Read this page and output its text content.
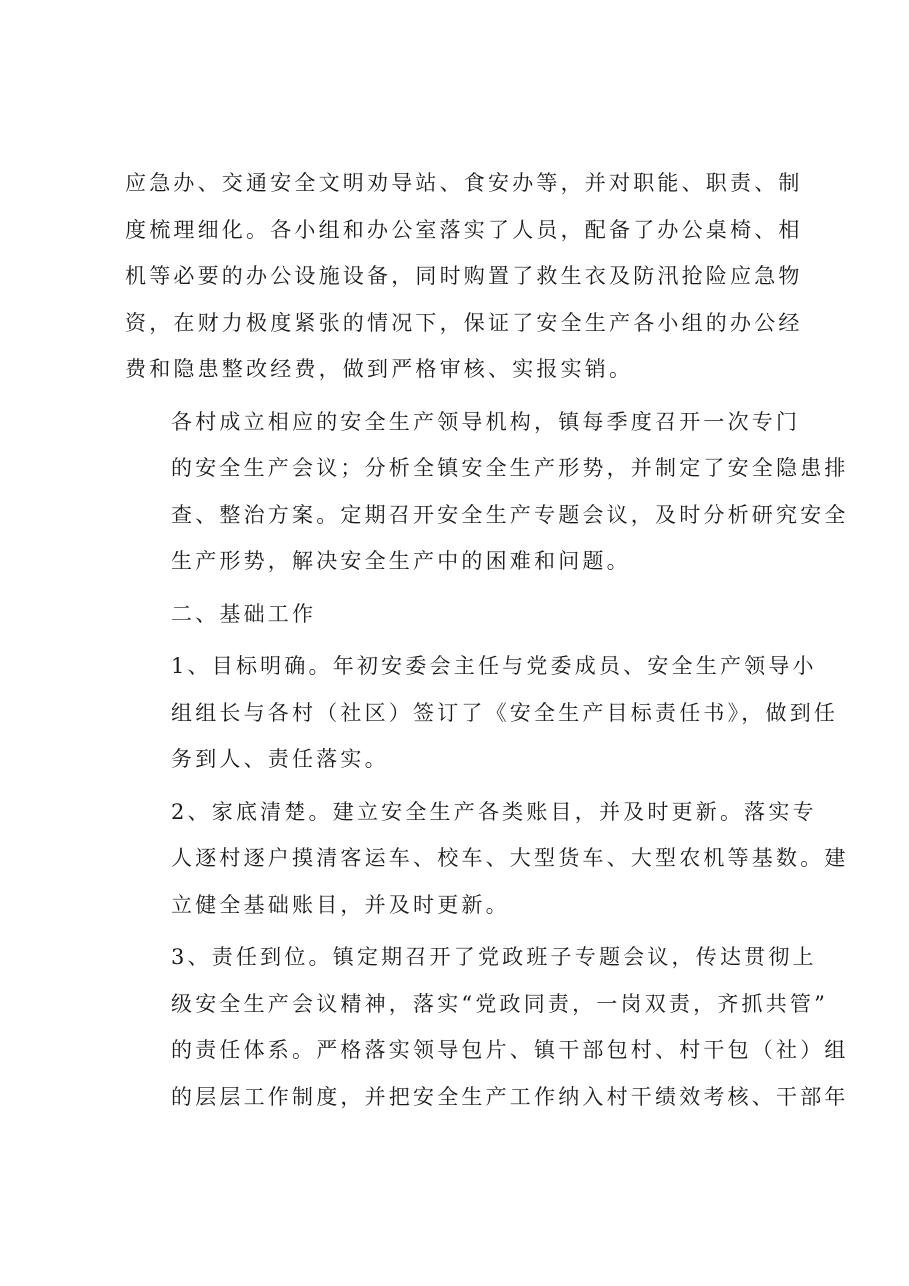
应急办、交通安全文明劝导站、食安办等，并对职能、职责、制
度梳理细化。各小组和办公室落实了人员，配备了办公桌椅、相
机等必要的办公设施设备，同时购置了救生衣及防汛抢险应急物
资，在财力极度紧张的情况下，保证了安全生产各小组的办公经
费和隐患整改经费，做到严格审核、实报实销。
各村成立相应的安全生产领导机构，镇每季度召开一次专门
的安全生产会议；分析全镇安全生产形势，并制定了安全隐患排
查、整治方案。定期召开安全生产专题会议，及时分析研究安全
生产形势，解决安全生产中的困难和问题。
二、基础工作
1、目标明确。年初安委会主任与党委成员、安全生产领导小
组组长与各村（社区）签订了《安全生产目标责任书》，做到任
务到人、责任落实。
2、家底清楚。建立安全生产各类账目，并及时更新。落实专
人逐村逐户摸清客运车、校车、大型货车、大型农机等基数。建
立健全基础账目，并及时更新。
3、责任到位。镇定期召开了党政班子专题会议，传达贯彻上
级安全生产会议精神，落实“党政同责，一岗双责，齐抓共管”
的责任体系。严格落实领导包片、镇干部包村、村干包（社）组
的层层工作制度，并把安全生产工作纳入村干绩效考核、干部年
